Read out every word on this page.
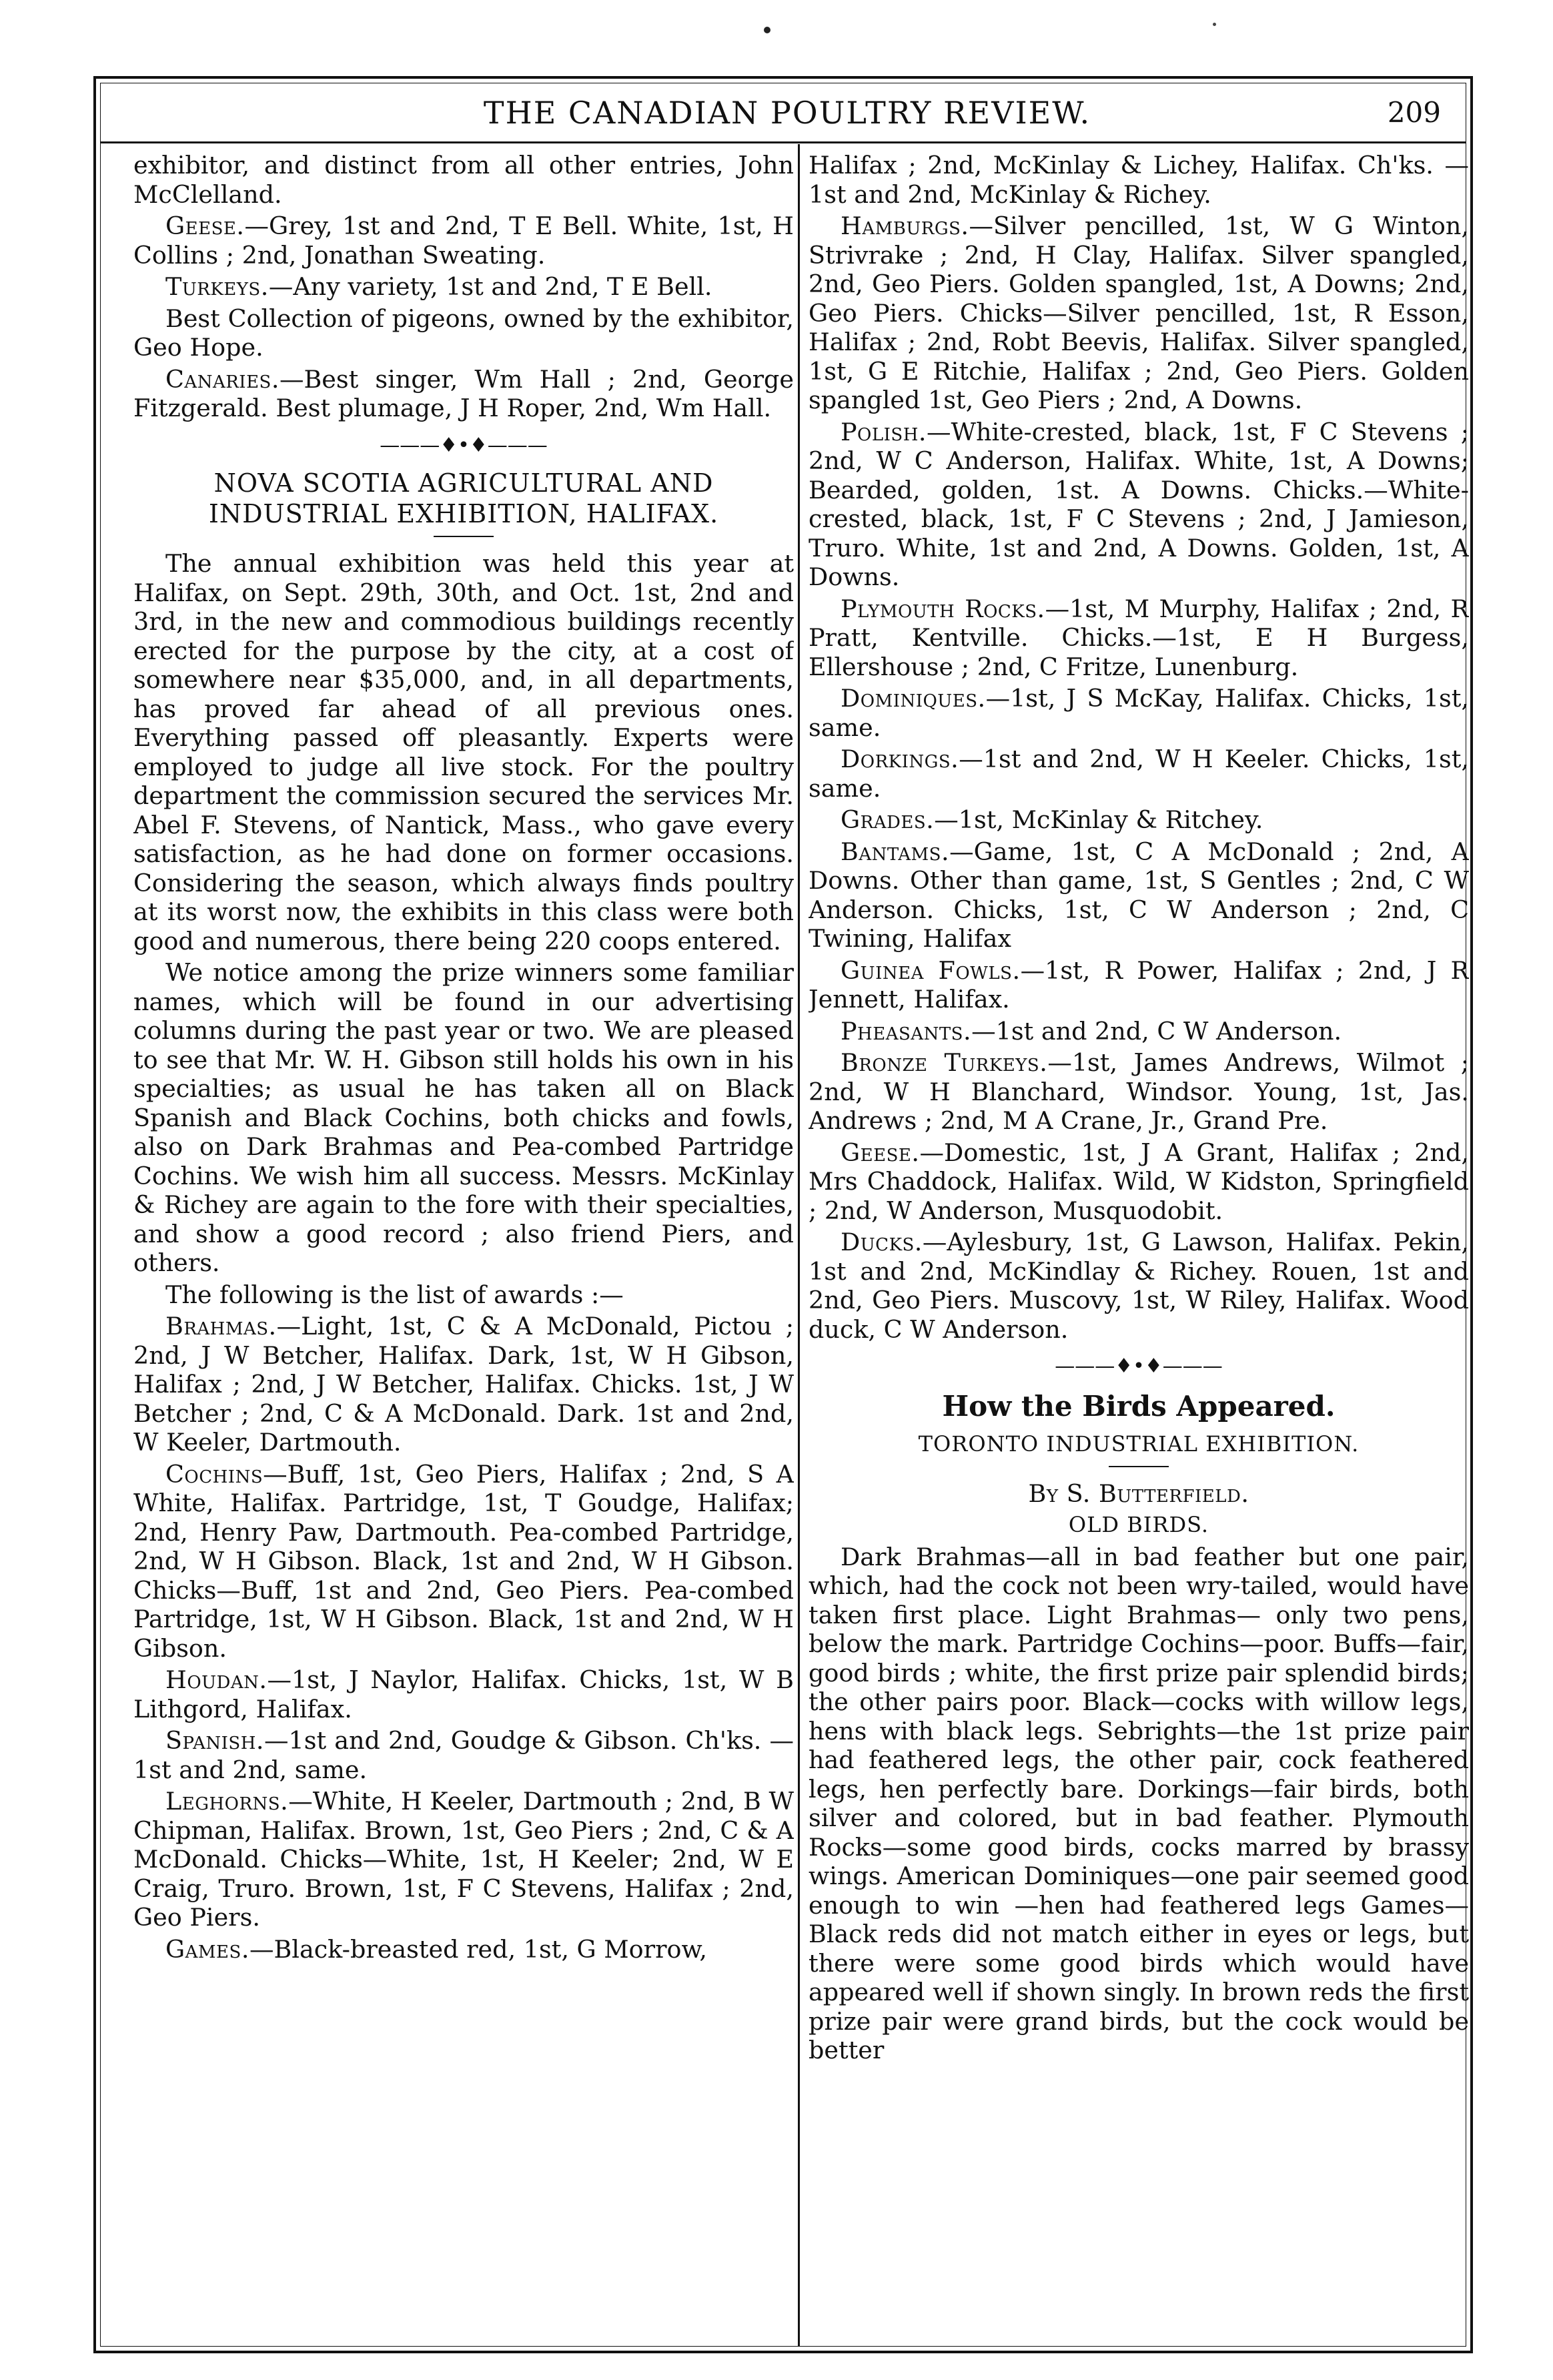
THE CANADIAN POULTRY REVIEW.	209

exhibitor, and distinct from all other entries, John McClelland.

Geese.—Grey, 1st and 2nd, T E Bell. White, 1st, H Collins ; 2nd, Jonathan Sweating.

Turkeys.—Any variety, 1st and 2nd, T E Bell.

Best Collection of pigeons, owned by the exhibitor, Geo Hope.

Canaries.—Best singer, Wm Hall ; 2nd, George Fitzgerald. Best plumage, J H Roper, 2nd, Wm Hall.

———♦•♦———
NOVA SCOTIA AGRICULTURAL AND INDUSTRIAL EXHIBITION, HALIFAX.

The annual exhibition was held this year at Halifax, on Sept. 29th, 30th, and Oct. 1st, 2nd and 3rd, in the new and commodious buildings recently erected for the purpose by the city, at a cost of somewhere near $35,000, and, in all departments, has proved far ahead of all previous ones. Everything passed off pleasantly. Experts were employed to judge all live stock. For the poultry department the commission secured the services Mr. Abel F. Stevens, of Nantick, Mass., who gave every satisfaction, as he had done on former occasions. Considering the season, which always finds poultry at its worst now, the exhibits in this class were both good and numerous, there being 220 coops entered.

We notice among the prize winners some familiar names, which will be found in our advertising columns during the past year or two. We are pleased to see that Mr. W. H. Gibson still holds his own in his specialties; as usual he has taken all on Black Spanish and Black Cochins, both chicks and fowls, also on Dark Brahmas and Pea-combed Partridge Cochins. We wish him all success. Messrs. McKinlay & Richey are again to the fore with their specialties, and show a good record ; also friend Piers, and others.

The following is the list of awards :—

Brahmas.—Light, 1st, C & A McDonald, Pictou ; 2nd, J W Betcher, Halifax. Dark, 1st, W H Gibson, Halifax ; 2nd, J W Betcher, Halifax. Chicks. 1st, J W Betcher ; 2nd, C & A McDonald. Dark. 1st and 2nd, W Keeler, Dartmouth.

Cochins—Buff, 1st, Geo Piers, Halifax ; 2nd, S A White, Halifax. Partridge, 1st, T Goudge, Halifax; 2nd, Henry Paw, Dartmouth. Pea-combed Partridge, 2nd, W H Gibson. Black, 1st and 2nd, W H Gibson. Chicks—Buff, 1st and 2nd, Geo Piers. Pea-combed Partridge, 1st, W H Gibson. Black, 1st and 2nd, W H Gibson.

Houdan.—1st, J Naylor, Halifax. Chicks, 1st, W B Lithgord, Halifax.

Spanish.—1st and 2nd, Goudge & Gibson. Ch'ks. —1st and 2nd, same.

Leghorns.—White, H Keeler, Dartmouth ; 2nd, B W Chipman, Halifax. Brown, 1st, Geo Piers ; 2nd, C & A McDonald. Chicks—White, 1st, H Keeler; 2nd, W E Craig, Truro. Brown, 1st, F C Stevens, Halifax ; 2nd, Geo Piers.

Games.—Black-breasted red, 1st, G Morrow,

Halifax ; 2nd, McKinlay & Lichey, Halifax. Ch'ks. —1st and 2nd, McKinlay & Richey.

Hamburgs.—Silver pencilled, 1st, W G Winton, Strivrake ; 2nd, H Clay, Halifax. Silver spangled, 2nd, Geo Piers. Golden spangled, 1st, A Downs; 2nd, Geo Piers. Chicks—Silver pencilled, 1st, R Esson, Halifax ; 2nd, Robt Beevis, Halifax. Silver spangled, 1st, G E Ritchie, Halifax ; 2nd, Geo Piers. Golden spangled 1st, Geo Piers ; 2nd, A Downs.

Polish.—White-crested, black, 1st, F C Stevens ; 2nd, W C Anderson, Halifax. White, 1st, A Downs; Bearded, golden, 1st. A Downs. Chicks.—White-crested, black, 1st, F C Stevens ; 2nd, J Jamieson, Truro. White, 1st and 2nd, A Downs. Golden, 1st, A Downs.

Plymouth Rocks.—1st, M Murphy, Halifax ; 2nd, R Pratt, Kentville. Chicks.—1st, E H Burgess, Ellershouse ; 2nd, C Fritze, Lunenburg.

Dominiques.—1st, J S McKay, Halifax. Chicks, 1st, same.

Dorkings.—1st and 2nd, W H Keeler. Chicks, 1st, same.

Grades.—1st, McKinlay & Ritchey.

Bantams.—Game, 1st, C A McDonald ; 2nd, A Downs. Other than game, 1st, S Gentles ; 2nd, C W Anderson. Chicks, 1st, C W Anderson ; 2nd, C Twining, Halifax

Guinea Fowls.—1st, R Power, Halifax ; 2nd, J R Jennett, Halifax.

Pheasants.—1st and 2nd, C W Anderson.

Bronze Turkeys.—1st, James Andrews, Wilmot ; 2nd, W H Blanchard, Windsor. Young, 1st, Jas. Andrews ; 2nd, M A Crane, Jr., Grand Pre.

Geese.—Domestic, 1st, J A Grant, Halifax ; 2nd, Mrs Chaddock, Halifax. Wild, W Kidston, Springfield ; 2nd, W Anderson, Musquodobit.

Ducks.—Aylesbury, 1st, G Lawson, Halifax. Pekin, 1st and 2nd, McKindlay & Richey. Rouen, 1st and 2nd, Geo Piers. Muscovy, 1st, W Riley, Halifax. Wood duck, C W Anderson.

———♦•♦———
How the Birds Appeared.

TORONTO INDUSTRIAL EXHIBITION.

By S. Butterfield.

OLD BIRDS.

Dark Brahmas—all in bad feather but one pair, which, had the cock not been wry-tailed, would have taken first place. Light Brahmas— only two pens, below the mark. Partridge Cochins—poor. Buffs—fair, good birds ; white, the first prize pair splendid birds; the other pairs poor. Black—cocks with willow legs, hens with black legs. Sebrights—the 1st prize pair had feathered legs, the other pair, cock feathered legs, hen perfectly bare. Dorkings—fair birds, both silver and colored, but in bad feather. Plymouth Rocks—some good birds, cocks marred by brassy wings. American Dominiques—one pair seemed good enough to win —hen had feathered legs Games—Black reds did not match either in eyes or legs, but there were some good birds which would have appeared well if shown singly. In brown reds the first prize pair were grand birds, but the cock would be better
